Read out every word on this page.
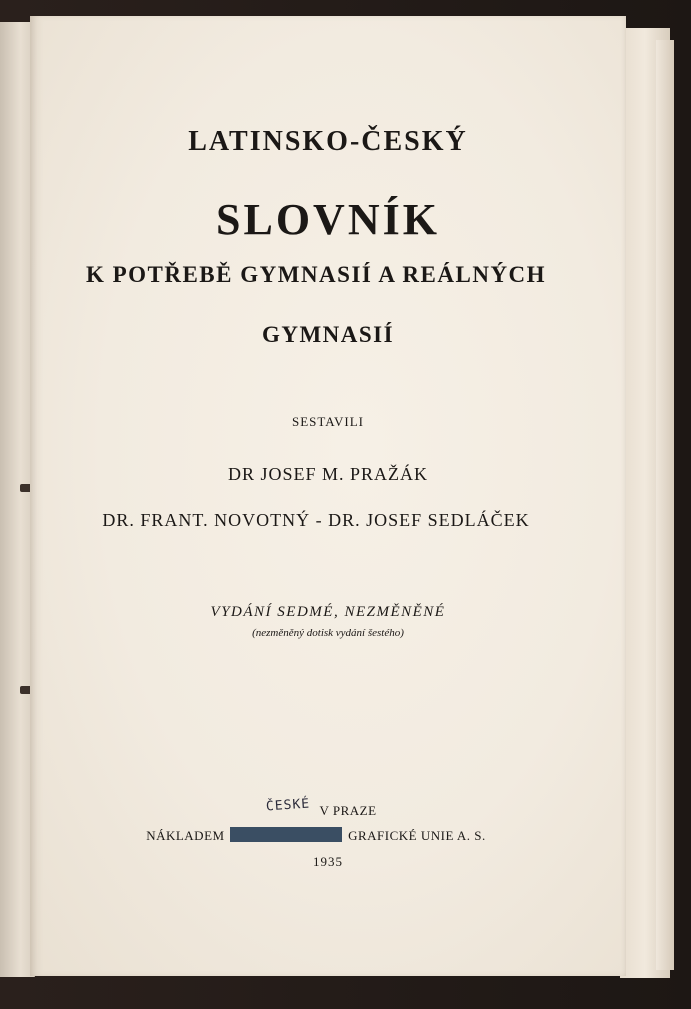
LATINSKO-ČESKÝ
SLOVNÍK
K POTŘEBĚ GYMNASIÍ A REÁLNÝCH
GYMNASIÍ
SESTAVILI
DR JOSEF M. PRAŽÁK
DR. FRANT. NOVOTNÝ - DR. JOSEF SEDLÁČEK
VYDÁNÍ SEDMÉ, NEZMĚNĚNÉ
(nezměněný dotisk vydání šestého)
V PRAZE
ČESKÉ
NÁKLADEM	GRAFICKÉ UNIE A. S.
1935
